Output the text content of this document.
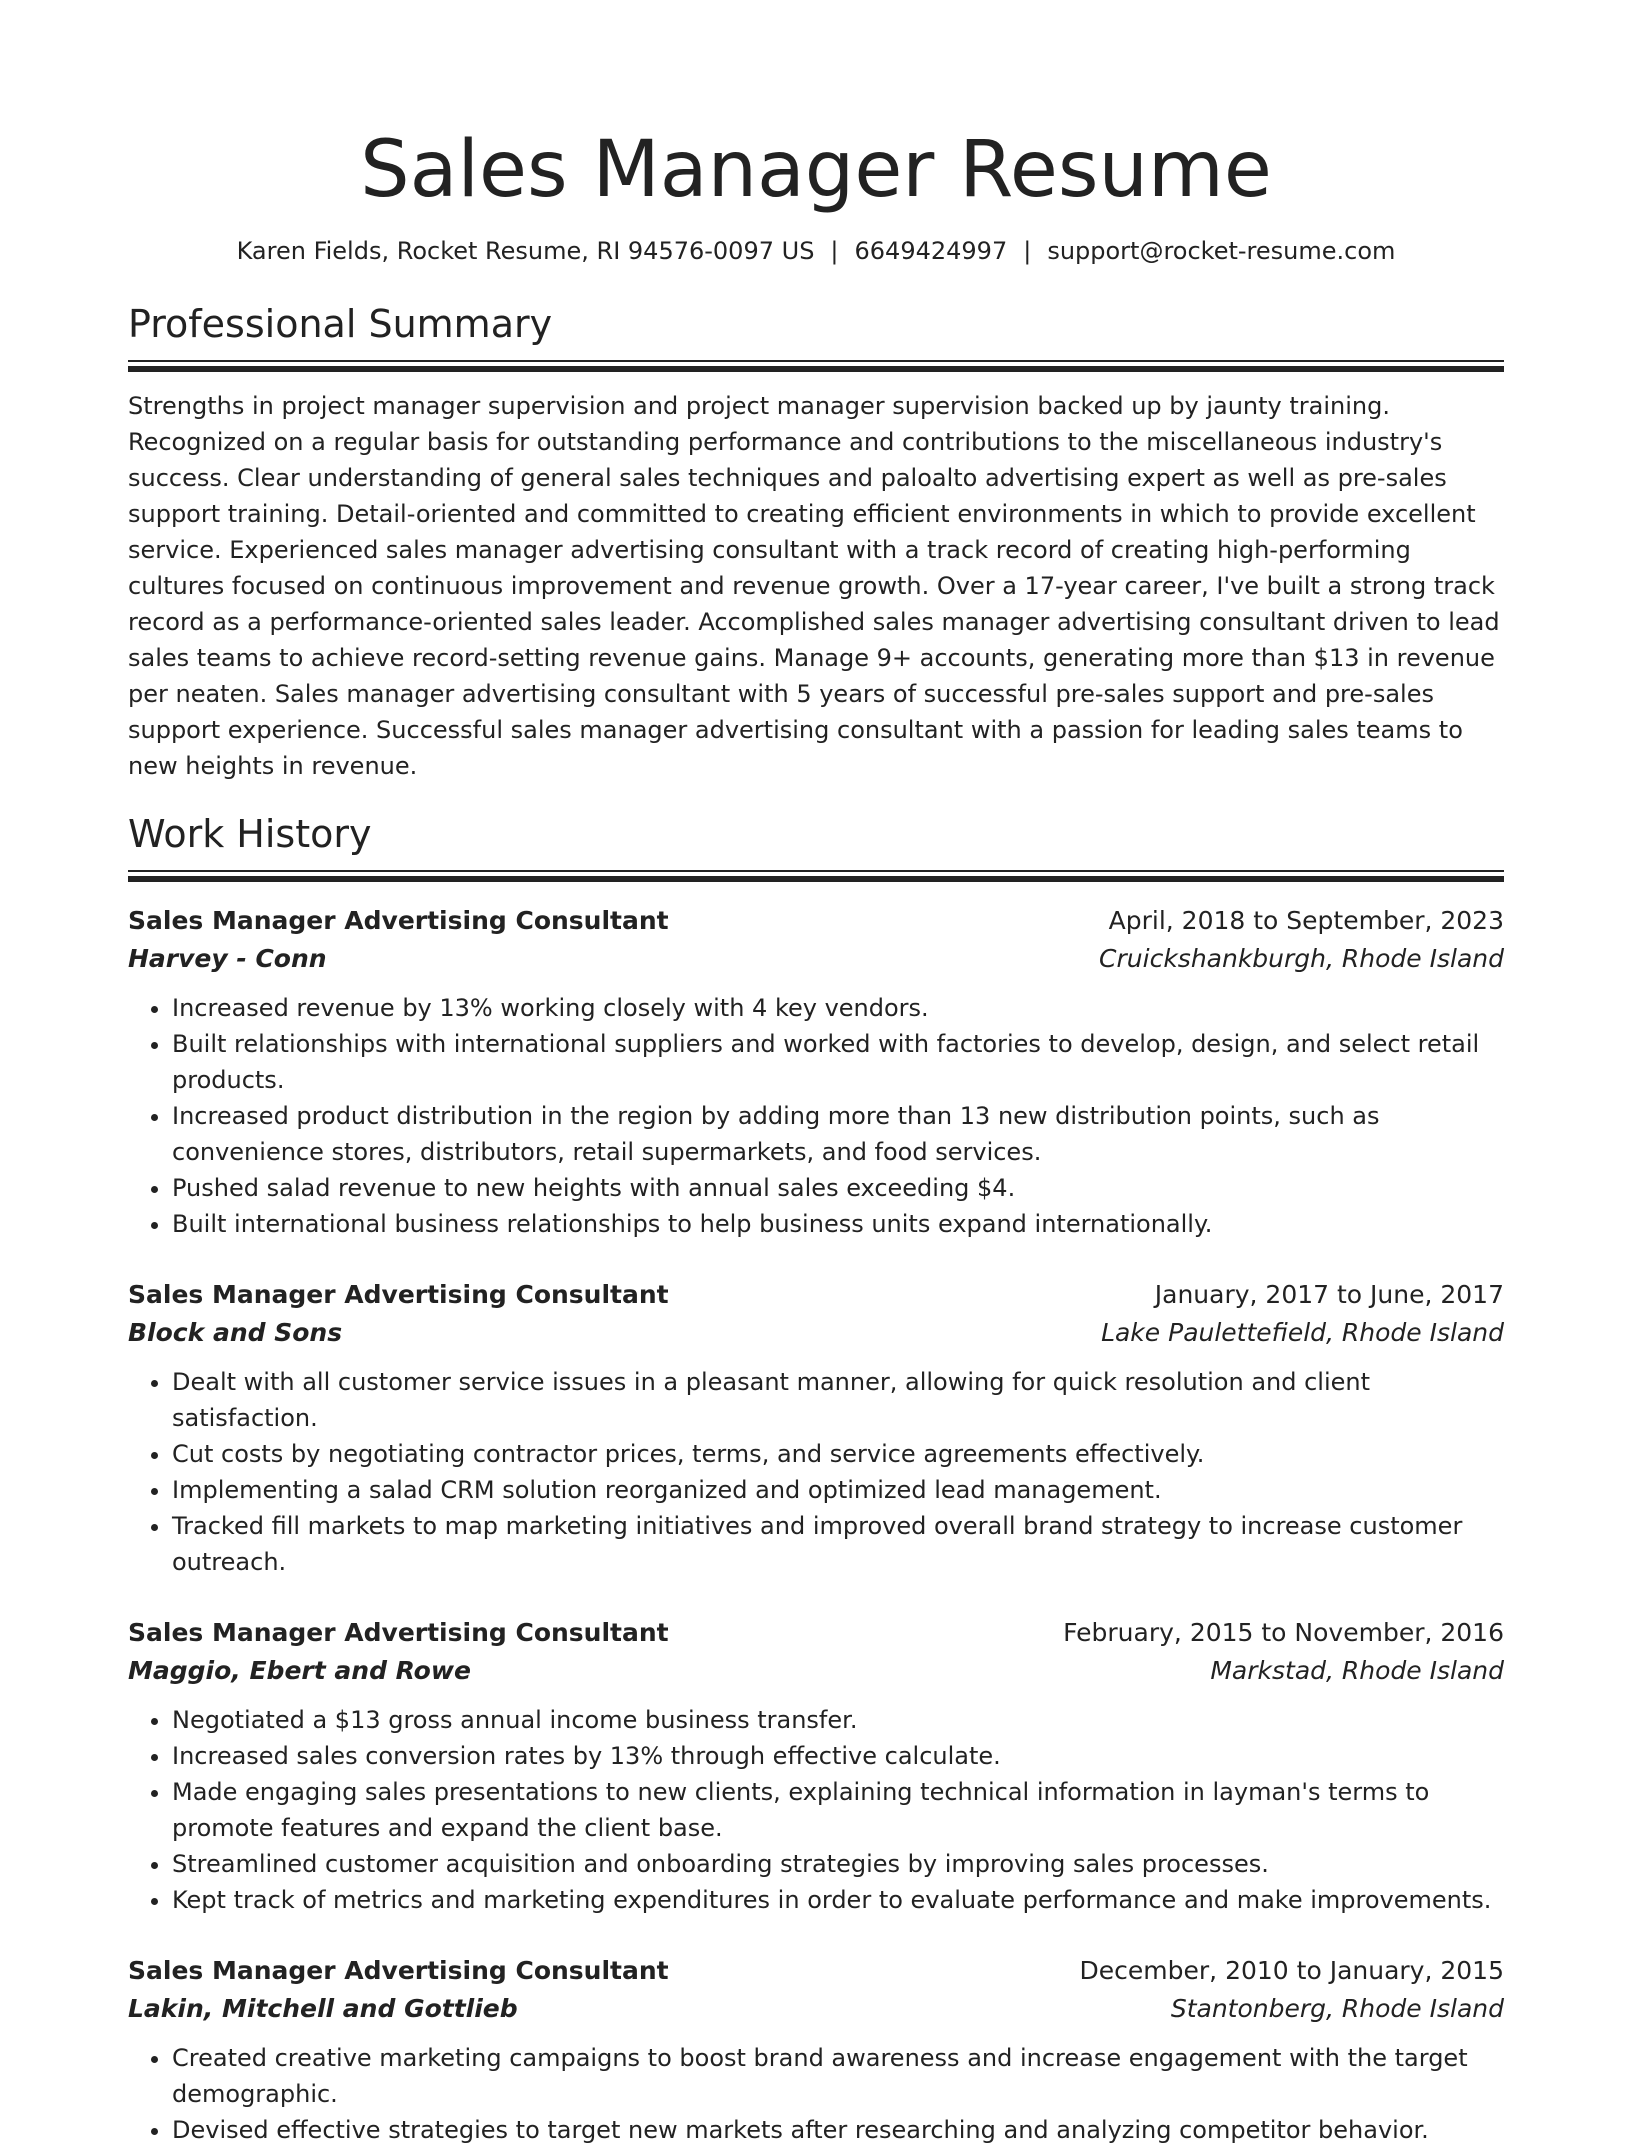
Sales Manager Resume
Karen Fields, Rocket Resume, RI 94576-0097 US | 6649424997 | support@rocket-resume.com
Professional Summary

Strengths in project manager supervision and project manager supervision backed up by jaunty training. Recognized on a regular basis for outstanding performance and contributions to the miscellaneous industry's success. Clear understanding of general sales techniques and paloalto advertising expert as well as pre-sales support training. Detail-oriented and committed to creating efficient environments in which to provide excellent service. Experienced sales manager advertising consultant with a track record of creating high-performing cultures focused on continuous improvement and revenue growth. Over a 17-year career, I've built a strong track record as a performance-oriented sales leader. Accomplished sales manager advertising consultant driven to lead sales teams to achieve record-setting revenue gains. Manage 9+ accounts, generating more than $13 in revenue per neaten. Sales manager advertising consultant with 5 years of successful pre-sales support and pre-sales support experience. Successful sales manager advertising consultant with a passion for leading sales teams to new heights in revenue.

Work History
Sales Manager Advertising Consultant	April, 2018 to September, 2023
Harvey - Conn	Cruickshankburgh, Rhode Island
• Increased revenue by 13% working closely with 4 key vendors.
• Built relationships with international suppliers and worked with factories to develop, design, and select retail products.
• Increased product distribution in the region by adding more than 13 new distribution points, such as convenience stores, distributors, retail supermarkets, and food services.
• Pushed salad revenue to new heights with annual sales exceeding $4.
• Built international business relationships to help business units expand internationally.
Sales Manager Advertising Consultant	January, 2017 to June, 2017
Block and Sons	Lake Paulettefield, Rhode Island
• Dealt with all customer service issues in a pleasant manner, allowing for quick resolution and client satisfaction.
• Cut costs by negotiating contractor prices, terms, and service agreements effectively.
• Implementing a salad CRM solution reorganized and optimized lead management.
• Tracked fill markets to map marketing initiatives and improved overall brand strategy to increase customer outreach.
Sales Manager Advertising Consultant	February, 2015 to November, 2016
Maggio, Ebert and Rowe	Markstad, Rhode Island
• Negotiated a $13 gross annual income business transfer.
• Increased sales conversion rates by 13% through effective calculate.
• Made engaging sales presentations to new clients, explaining technical information in layman's terms to promote features and expand the client base.
• Streamlined customer acquisition and onboarding strategies by improving sales processes.
• Kept track of metrics and marketing expenditures in order to evaluate performance and make improvements.
Sales Manager Advertising Consultant	December, 2010 to January, 2015
Lakin, Mitchell and Gottlieb	Stantonberg, Rhode Island
• Created creative marketing campaigns to boost brand awareness and increase engagement with the target demographic.
• Devised effective strategies to target new markets after researching and analyzing competitor behavior.
